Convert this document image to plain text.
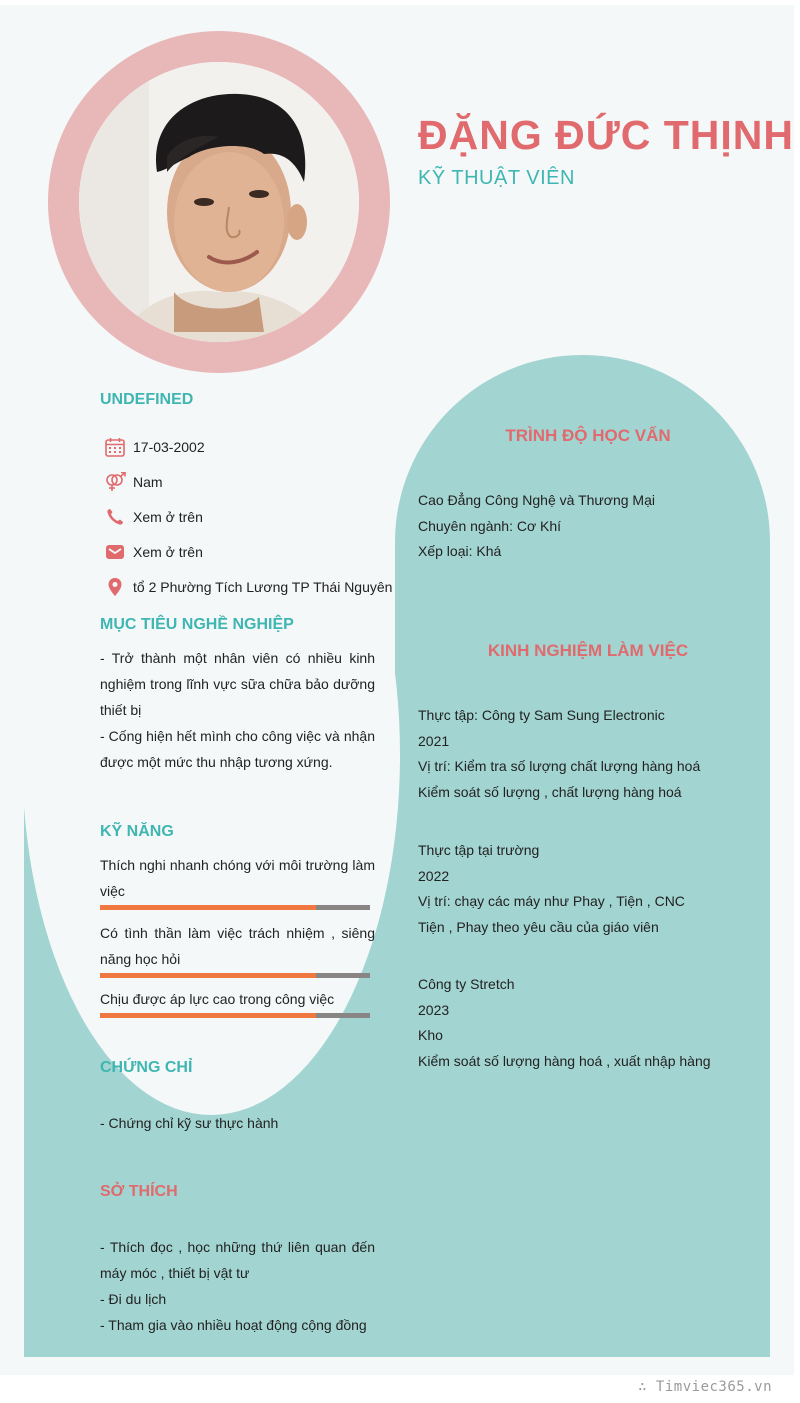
ĐẶNG ĐỨC THỊNH
KỸ THUẬT VIÊN
UNDEFINED
17-03-2002
Nam
Xem ở trên
Xem ở trên
tổ 2 Phường Tích Lương TP Thái Nguyên
MỤC TIÊU NGHỀ NGHIỆP

- Trở thành một nhân viên có nhiều kinh nghiệm trong lĩnh vực sữa chữa bảo dưỡng thiết bị

- Cống hiện hết mình cho công việc và nhận được một mức thu nhập tương xứng.

KỸ NĂNG
Thích nghi nhanh chóng với môi trường làm việc
Có tình thần làm việc trách nhiệm , siêng năng học hỏi
Chịu được áp lực cao trong công việc
CHỨNG CHỈ

- Chứng chỉ kỹ sư thực hành

SỞ THÍCH

- Thích đọc , học những thứ liên quan đến máy móc , thiết bị vật tư

- Đi du lịch

- Tham gia vào nhiều hoạt động cộng đồng

TRÌNH ĐỘ HỌC VẤN

Cao Đẳng Công Nghệ và Thương Mại

Chuyên ngành: Cơ Khí

Xếp loại: Khá

KINH NGHIỆM LÀM VIỆC

Thực tập: Công ty Sam Sung Electronic

2021

Vị trí: Kiểm tra số lượng chất lượng hàng hoá

Kiểm soát số lượng , chất lượng hàng hoá

Thực tập tại trường

2022

Vị trí: chạy các máy như Phay , Tiện , CNC

Tiện , Phay theo yêu cầu của giáo viên

Công ty Stretch

2023

Kho

Kiểm soát số lượng hàng hoá , xuất nhập hàng

∴ Timviec365.vn
